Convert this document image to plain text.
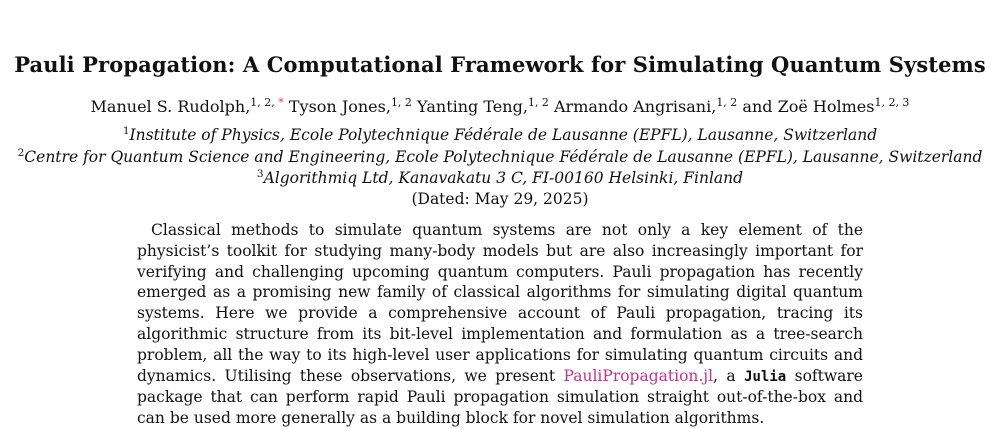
Pauli Propagation: A Computational Framework for Simulating Quantum Systems
Manuel S. Rudolph,$^{1, 2, *}$ Tyson Jones,$^{1, 2}$ Yanting Teng,$^{1, 2}$ Armando Angrisani,$^{1, 2}$ and Zoë Holmes$^{1, 2, 3}$
$^1$Institute of Physics, Ecole Polytechnique Fédérale de Lausanne (EPFL), Lausanne, Switzerland
$^2$Centre for Quantum Science and Engineering, Ecole Polytechnique Fédérale de Lausanne (EPFL), Lausanne, Switzerland
$^3$Algorithmiq Ltd, Kanavakatu 3 C, FI-00160 Helsinki, Finland
(Dated: May 29, 2025)
Classical methods to simulate quantum systems are not only a key element of the physicist’s toolkit for studying many-body models but are also increasingly important for verifying and challenging upcoming quantum computers. Pauli propagation has recently emerged as a promising new family of classical algorithms for simulating digital quantum systems. Here we provide a comprehensive account of Pauli propagation, tracing its algorithmic structure from its bit-level implementation and formulation as a tree-search problem, all the way to its high-level user applications for simulating quantum circuits and dynamics. Utilising these observations, we present PauliPropagation.jl, a Julia software package that can perform rapid Pauli propagation simulation straight out-of-the-box and can be used more generally as a building block for novel simulation algorithms.
